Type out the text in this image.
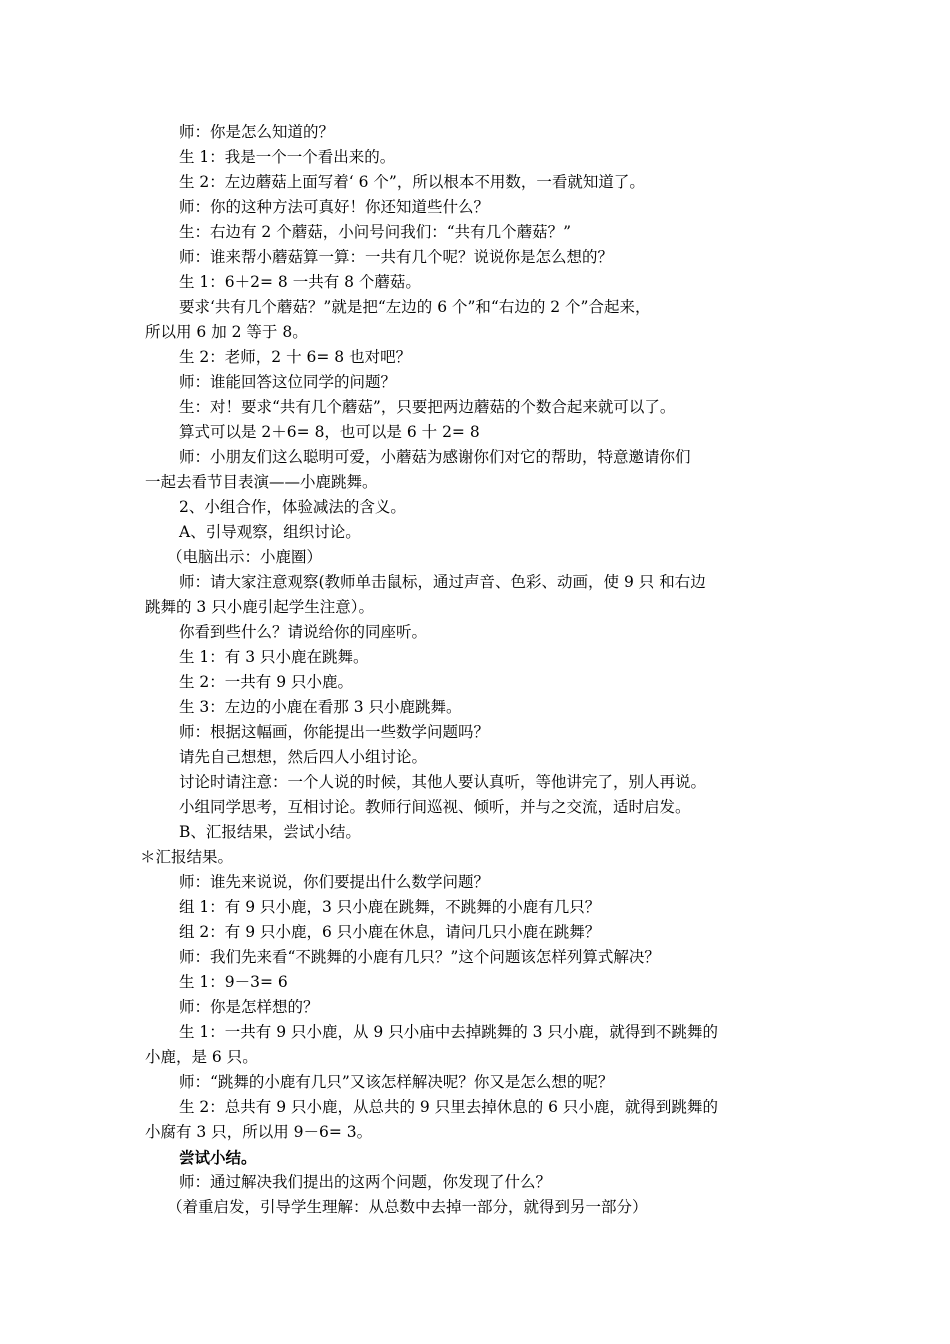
师：你是怎么知道的？
生 1：我是一个一个看出来的。
生 2：左边蘑菇上面写着‘ 6 个”，所以根本不用数，一看就知道了。
师：你的这种方法可真好！你还知道些什么？
生：右边有 2 个蘑菇，小问号问我们：“共有几个蘑菇？”
师：谁来帮小蘑菇算一算：一共有几个呢？说说你是怎么想的？
生 1：6＋2= 8 一共有 8 个蘑菇。
要求‘共有几个蘑菇？”就是把“左边的 6 个”和“右边的 2 个”合起来，
所以用 6 加 2 等于 8。
生 2：老师，2 十 6= 8 也对吧？
师：谁能回答这位同学的问题？
生：对！要求“共有几个蘑菇”，只要把两边蘑菇的个数合起来就可以了。
算式可以是 2＋6= 8，也可以是 6 十 2= 8
师：小朋友们这么聪明可爱，小蘑菇为感谢你们对它的帮助，特意邀请你们
一起去看节目表演——小鹿跳舞。
2、小组合作，体验减法的含义。
A、引导观察，组织讨论。
（电脑出示：小鹿圈）
师：请大家注意观察(教师单击鼠标，通过声音、色彩、动画，使 9 只 和右边
跳舞的 3 只小鹿引起学生注意）。
你看到些什么？请说给你的同座听。
生 1：有 3 只小鹿在跳舞。
生 2：一共有 9 只小鹿。
生 3：左边的小鹿在看那 3 只小鹿跳舞。
师：根据这幅画，你能提出一些数学问题吗？
请先自己想想，然后四人小组讨论。
讨论时请注意：一个人说的时候，其他人要认真听，等他讲完了，别人再说。
小组同学思考，互相讨论。教师行间巡视、倾听，并与之交流，适时启发。
B、汇报结果，尝试小结。
＊汇报结果。
师：谁先来说说，你们要提出什么数学问题？
组 1：有 9 只小鹿，3 只小鹿在跳舞，不跳舞的小鹿有几只？
组 2：有 9 只小鹿，6 只小鹿在休息，请问几只小鹿在跳舞？
师：我们先来看“不跳舞的小鹿有几只？”这个问题该怎样列算式解决？
生 1：9－3= 6
师：你是怎样想的？
生 1：一共有 9 只小鹿，从 9 只小庙中去掉跳舞的 3 只小鹿，就得到不跳舞的
小鹿，是 6 只。
师：“跳舞的小鹿有几只”又该怎样解决呢？你又是怎么想的呢？
生 2：总共有 9 只小鹿，从总共的 9 只里去掉休息的 6 只小鹿，就得到跳舞的
小腐有 3 只，所以用 9－6= 3。
尝试小结。
师：通过解决我们提出的这两个问题，你发现了什么？
（着重启发，引导学生理解：从总数中去掉一部分，就得到另一部分）
